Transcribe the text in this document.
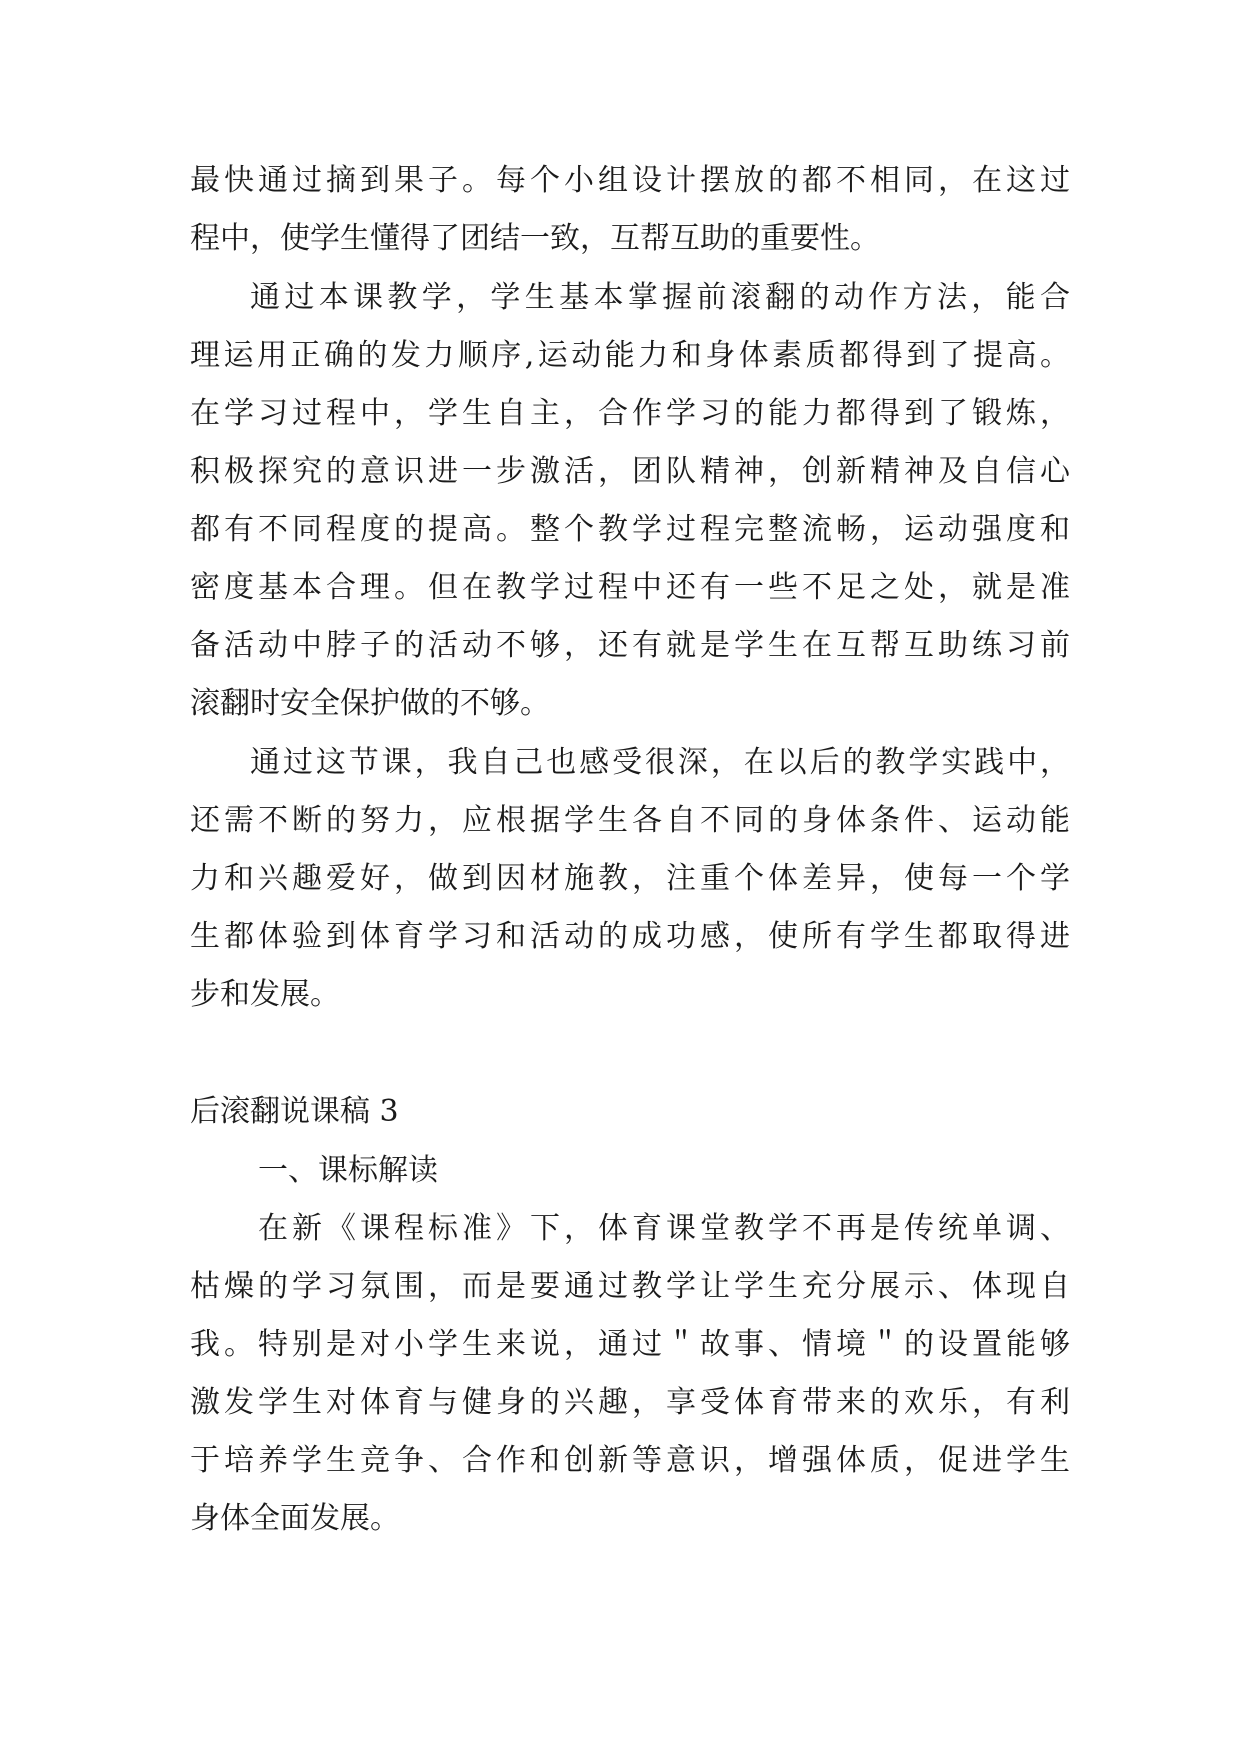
最快通过摘到果子。每个小组设计摆放的都不相同，在这过

程中，使学生懂得了团结一致，互帮互助的重要性。

通过本课教学，学生基本掌握前滚翻的动作方法，能合

理运用正确的发力顺序,运动能力和身体素质都得到了提高。

在学习过程中，学生自主，合作学习的能力都得到了锻炼，

积极探究的意识进一步激活，团队精神，创新精神及自信心

都有不同程度的提高。整个教学过程完整流畅，运动强度和

密度基本合理。但在教学过程中还有一些不足之处，就是准

备活动中脖子的活动不够，还有就是学生在互帮互助练习前

滚翻时安全保护做的不够。

通过这节课，我自己也感受很深，在以后的教学实践中，

还需不断的努力，应根据学生各自不同的身体条件、运动能

力和兴趣爱好，做到因材施教，注重个体差异，使每一个学

生都体验到体育学习和活动的成功感，使所有学生都取得进

步和发展。

后滚翻说课稿 3
一、课标解读

在新《课程标准》下，体育课堂教学不再是传统单调、

枯燥的学习氛围，而是要通过教学让学生充分展示、体现自

我。特别是对小学生来说，通过＂故事、情境＂的设置能够

激发学生对体育与健身的兴趣，享受体育带来的欢乐，有利

于培养学生竞争、合作和创新等意识，增强体质，促进学生

身体全面发展。
